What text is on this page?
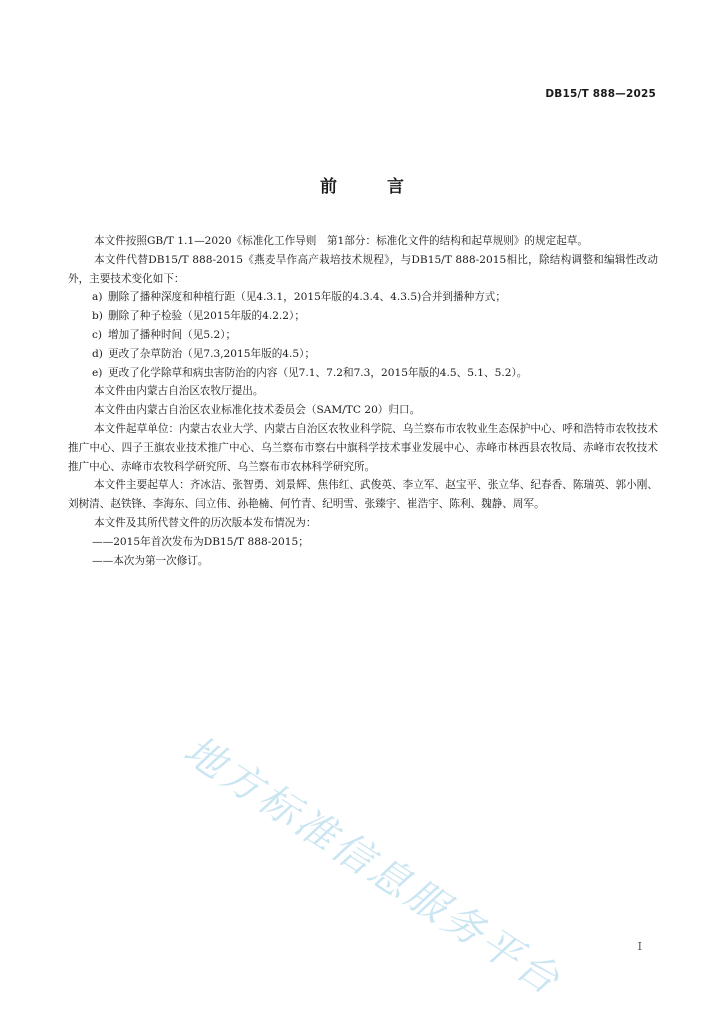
DB15/T 888—2025
前 言

本文件按照GB/T 1.1—2020《标准化工作导则　第1部分：标准化文件的结构和起草规则》的规定起草。

本文件代替DB15/T 888-2015《燕麦旱作高产栽培技术规程》，与DB15/T 888-2015相比，除结构调整和编辑性改动外，主要技术变化如下：

a) 删除了播种深度和种植行距（见4.3.1，2015年版的4.3.4、4.3.5)合并到播种方式；
b) 删除了种子检验（见2015年版的4.2.2）；
c) 增加了播种时间（见5.2）；
d) 更改了杂草防治（见7.3,2015年版的4.5）；
e) 更改了化学除草和病虫害防治的内容（见7.1、7.2和7.3，2015年版的4.5、5.1、5.2）。

本文件由内蒙古自治区农牧厅提出。

本文件由内蒙古自治区农业标准化技术委员会（SAM/TC 20）归口。

本文件起草单位：内蒙古农业大学、内蒙古自治区农牧业科学院、乌兰察布市农牧业生态保护中心、呼和浩特市农牧技术推广中心、四子王旗农业技术推广中心、乌兰察布市察右中旗科学技术事业发展中心、赤峰市林西县农牧局、赤峰市农牧技术推广中心、赤峰市农牧科学研究所、乌兰察布市农林科学研究所。

本文件主要起草人：齐冰洁、张智勇、刘景辉、焦伟红、武俊英、李立军、赵宝平、张立华、纪春香、陈瑞英、郭小刚、刘树清、赵铁锋、李海东、闫立伟、孙艳楠、何竹青、纪明雪、张臻宇、崔浩宇、陈利、魏静、周军。

本文件及其所代替文件的历次版本发布情况为：

——2015年首次发布为DB15/T 888-2015；

——本次为第一次修订。

地方标准信息服务平台	I
